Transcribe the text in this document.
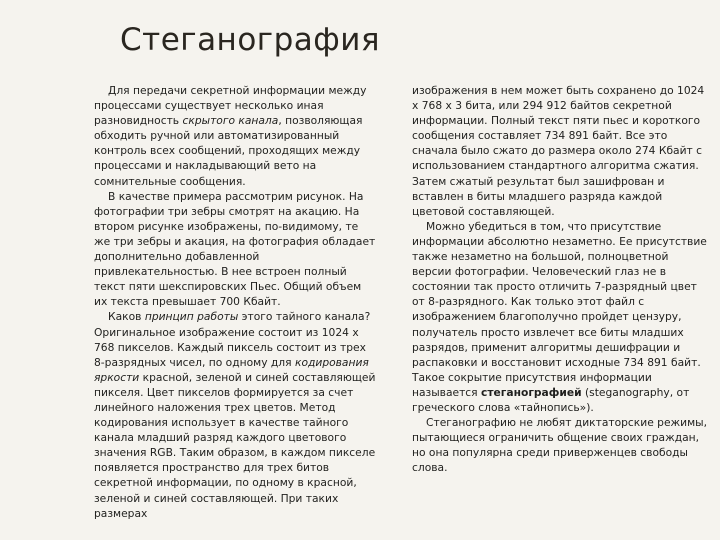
Стеганография

Для передачи секретной информации между процессами существует несколько иная разновидность скрытого канала, позволяющая обходить ручной или автоматизированный контроль всех сообщений, проходящих между процессами и накладывающий вето на сомнительные сообщения.

В качестве примера рассмотрим рисунок. На фотографии три зебры смотрят на акацию. На втором рисунке изображены, по-видимому, те же три зебры и акация, на фотография обладает дополнительно добавленной привлекательностью. В нее встроен полный текст пяти шекспировских Пьес. Общий объем их текста превышает 700 Кбайт.

Каков принцип работы этого тайного канала? Оригинальное изображение состоит из 1024 х 768 пикселов. Каждый пиксель состоит из трех 8-разрядных чисел, по одному для кодирования яркости красной, зеленой и синей составляющей пикселя. Цвет пикселов формируется за счет линейного наложения трех цветов. Метод кодирования использует в качестве тайного канала младший разряд каждого цветового значения RGB. Таким образом, в каждом пикселе появляется пространство для трех битов секретной информации, по одному в красной, зеленой и синей составляющей. При таких размерах

изображения в нем может быть сохранено до 1024 х 768 х 3 бита, или 294 912 байтов секретной информации. Полный текст пяти пьес и короткого сообщения составляет 734 891 байт. Все это сначала было сжато до размера около 274 Кбайт с использованием стандартного алгоритма сжатия. Затем сжатый результат был зашифрован и вставлен в биты младшего разряда каждой цветовой составляющей.

Можно убедиться в том, что присутствие информации абсолютно незаметно. Ее присутствие также незаметно на большой, полноцветной версии фотографии. Человеческий глаз не в состоянии так просто отличить 7-разрядный цвет от 8-разрядного. Как только этот файл с изображением благополучно пройдет цензуру, получатель просто извлечет все биты младших разрядов, применит алгоритмы дешифрации и распаковки и восстановит исходные 734 891 байт. Такое сокрытие присутствия информации называется стеганографией (steganography, от греческого слова «тайнопись»).

Стеганографию не любят диктаторские режимы, пытающиеся ограничить общение своих граждан, но она популярна среди приверженцев свободы слова.
